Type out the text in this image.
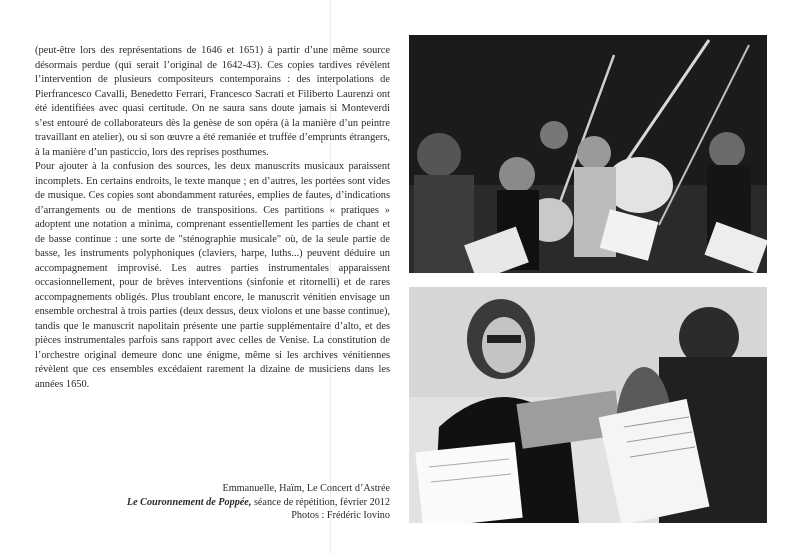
(peut-être lors des représentations de 1646 et 1651) à partir d’une même source désormais perdue (qui serait l’original de 1642-43). Ces copies tardives révèlent l’intervention de plusieurs compositeurs contemporains : des interpolations de Pierfrancesco Cavalli, Benedetto Ferrari, Francesco Sacrati et Filiberto Laurenzi ont été identifiées avec quasi certitude. On ne saura sans doute jamais si Monteverdi s’est entouré de collaborateurs dès la genèse de son opéra (à la manière d’un peintre travaillant en atelier), ou si son œuvre a été remaniée et truffée d’emprunts étrangers, à la manière d’un pasticcio, lors des reprises posthumes.

Pour ajouter à la confusion des sources, les deux manuscrits musicaux paraissent incomplets. En certains endroits, le texte manque ; en d’autres, les portées sont vides de musique. Ces copies sont abondamment raturées, emplies de fautes, d’indications d’arrangements ou de mentions de transpositions. Ces partitions « pratiques » adoptent une notation a minima, comprenant essentiellement les parties de chant et de basse continue : une sorte de "sténographie musicale" où, de la seule partie de basse, les instruments polyphoniques (claviers, harpe, luths...) peuvent déduire un accompagnement improvisé. Les autres parties instrumentales apparaissent occasionnellement, pour de brèves interventions (sinfonie et ritornelli) et de rares accompagnements obligés. Plus troublant encore, le manuscrit vénitien envisage un ensemble orchestral à trois parties (deux dessus, deux violons et une basse continue), tandis que le manuscrit napolitain présente une partie supplémentaire d’alto, et des pièces instrumentales parfois sans rapport avec celles de Venise. La constitution de l’orchestre original demeure donc une énigme, même si les archives vénitiennes révèlent que ces ensembles excédaient rarement la dizaine de musiciens dans les années 1650.

Emmanuelle, Haïm, Le Concert d’Astrée
Le Couronnement de Poppée, séance de répétition, février 2012
Photos : Frédéric Iovino
